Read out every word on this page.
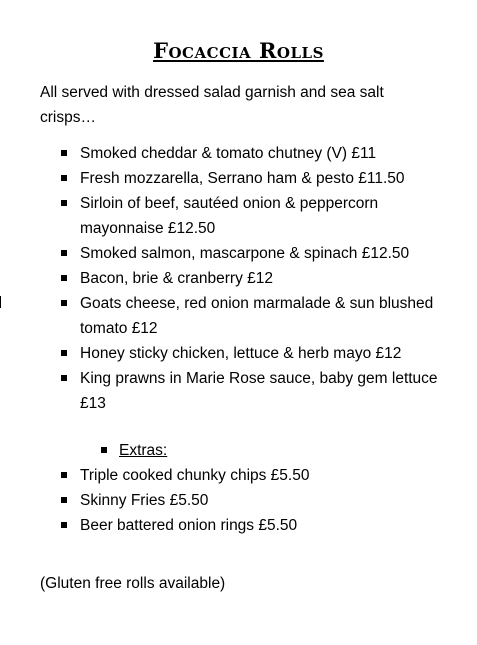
Focaccia Rolls
All served with dressed salad garnish and sea salt crisps…
Smoked cheddar & tomato chutney (V) £11
Fresh mozzarella, Serrano ham & pesto £11.50
Sirloin of beef, sautéed onion & peppercorn mayonnaise £12.50
Smoked salmon, mascarpone & spinach £12.50
Bacon, brie & cranberry £12
Goats cheese, red onion marmalade & sun blushed tomato £12
Honey sticky chicken, lettuce & herb mayo £12
King prawns in Marie Rose sauce, baby gem lettuce £13
Extras:
Triple cooked chunky chips £5.50
Skinny Fries £5.50
Beer battered onion rings £5.50
(Gluten free rolls available)
